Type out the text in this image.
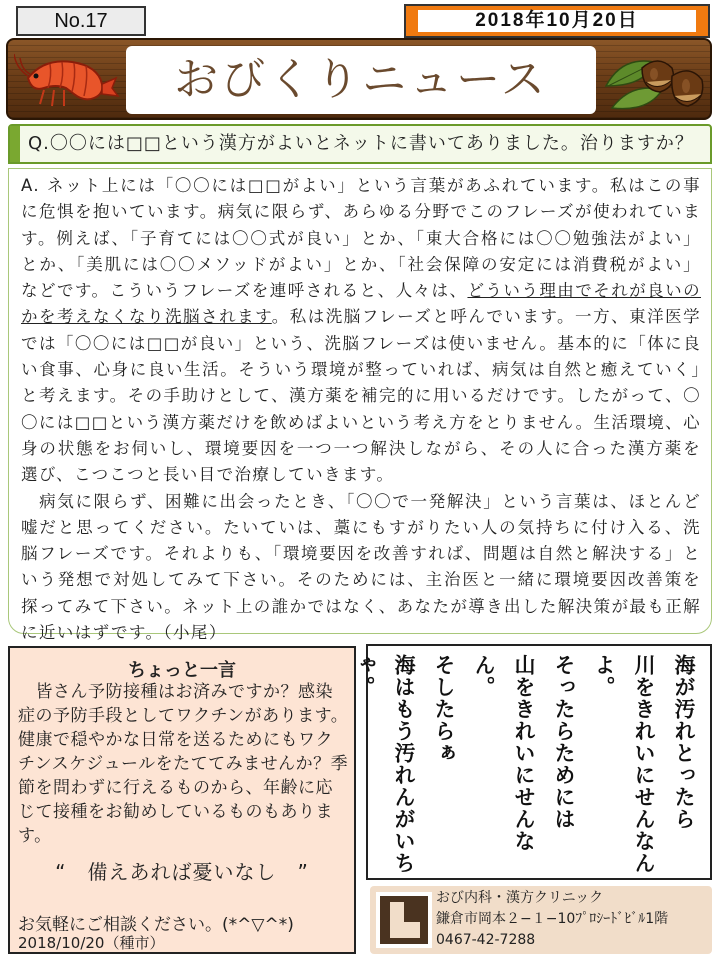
No.17	2018年10月20日
おびくりニュース
Q.〇〇には□□という漢方がよいとネットに書いてありました。治りますか？

A. ネット上には「〇〇には□□がよい」という言葉があふれています。私はこの事に危惧を抱いています。病気に限らず、あらゆる分野でこのフレーズが使われています。例えば、「子育てには〇〇式が良い」とか、「東大合格には〇〇勉強法がよい」とか、「美肌には〇〇メソッドがよい」とか、「社会保障の安定には消費税がよい」などです。こういうフレーズを連呼されると、人々は、どういう理由でそれが良いのかを考えなくなり洗脳されます。私は洗脳フレーズと呼んでいます。一方、東洋医学では「〇〇には□□が良い」という、洗脳フレーズは使いません。基本的に「体に良い食事、心身に良い生活。そういう環境が整っていれば、病気は自然と癒えていく」と考えます。その手助けとして、漢方薬を補完的に用いるだけです。したがって、〇〇には□□という漢方薬だけを飲めばよいという考え方をとりません。生活環境、心身の状態をお伺いし、環境要因を一つ一つ解決しながら、その人に合った漢方薬を選び、こつこつと長い目で治療していきます。

　病気に限らず、困難に出会ったとき、「〇〇で一発解決」という言葉は、ほとんど嘘だと思ってください。たいていは、藁にもすがりたい人の気持ちに付け入る、洗脳フレーズです。それよりも、「環境要因を改善すれば、問題は自然と解決する」という発想で対処してみて下さい。そのためには、主治医と一緒に環境要因改善策を探ってみて下さい。ネット上の誰かではなく、あなたが導き出した解決策が最も正解に近いはずです。（小尾）

ちょっと一言
　皆さん予防接種はお済みですか？感染症の予防手段としてワクチンがあります。健康で穏やかな日常を送るためにもワクチンスケジュールをたててみませんか？季節を問わずに行えるものから、年齢に応じて接種をお勧めしているものもあります。
“　備えあれば憂いなし　”
お気軽にご相談ください。(*^▽^*)
2018/10/20（種市）
海が汚れとったら
川をきれいにせんなんよ。
そったらためには
山をきれいにせんなん。
そしたらぁ
海はもう汚れんがいちゃ。
おび内科・漢方クリニック
鎌倉市岡本２−１−10ﾌﾟﾛｼｰﾄﾞﾋﾞﾙ1階
0467-42-7288
